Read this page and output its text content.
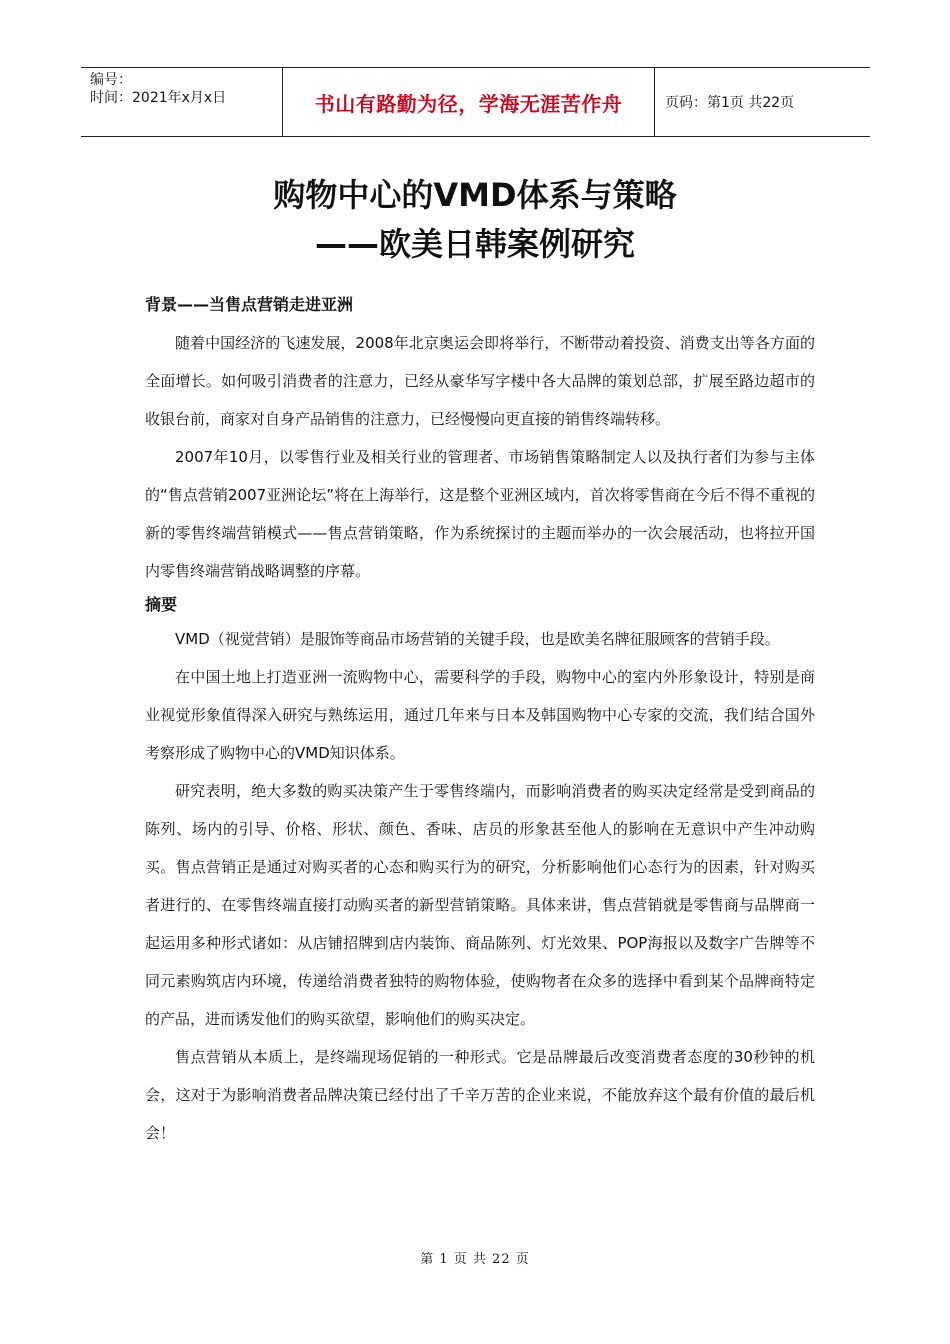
编号：
时间：2021年x月x日	书山有路勤为径，学海无涯苦作舟	页码：第1页 共22页
购物中心的VMD体系与策略
——欧美日韩案例研究
背景——当售点营销走进亚洲

随着中国经济的飞速发展，2008年北京奥运会即将举行，不断带动着投资、消费支出等各方面的全面增长。如何吸引消费者的注意力，已经从豪华写字楼中各大品牌的策划总部，扩展至路边超市的收银台前，商家对自身产品销售的注意力，已经慢慢向更直接的销售终端转移。

2007年10月，以零售行业及相关行业的管理者、市场销售策略制定人以及执行者们为参与主体的“售点营销2007亚洲论坛”将在上海举行，这是整个亚洲区域内，首次将零售商在今后不得不重视的新的零售终端营销模式——售点营销策略，作为系统探讨的主题而举办的一次会展活动，也将拉开国内零售终端营销战略调整的序幕。

摘要

VMD（视觉营销）是服饰等商品市场营销的关键手段，也是欧美名牌征服顾客的营销手段。

在中国土地上打造亚洲一流购物中心，需要科学的手段，购物中心的室内外形象设计，特别是商业视觉形象值得深入研究与熟练运用，通过几年来与日本及韩国购物中心专家的交流，我们结合国外考察形成了购物中心的VMD知识体系。

研究表明，绝大多数的购买决策产生于零售终端内，而影响消费者的购买决定经常是受到商品的陈列、场内的引导、价格、形状、颜色、香味、店员的形象甚至他人的影响在无意识中产生冲动购买。售点营销正是通过对购买者的心态和购买行为的研究，分析影响他们心态行为的因素，针对购买者进行的、在零售终端直接打动购买者的新型营销策略。具体来讲，售点营销就是零售商与品牌商一起运用多种形式诸如：从店铺招牌到店内装饰、商品陈列、灯光效果、POP海报以及数字广告牌等不同元素购筑店内环境，传递给消费者独特的购物体验，使购物者在众多的选择中看到某个品牌商特定的产品，进而诱发他们的购买欲望，影响他们的购买决定。

售点营销从本质上，是终端现场促销的一种形式。它是品牌最后改变消费者态度的30秒钟的机会，这对于为影响消费者品牌决策已经付出了千辛万苦的企业来说，不能放弃这个最有价值的最后机会！

第 1 页 共 22 页
